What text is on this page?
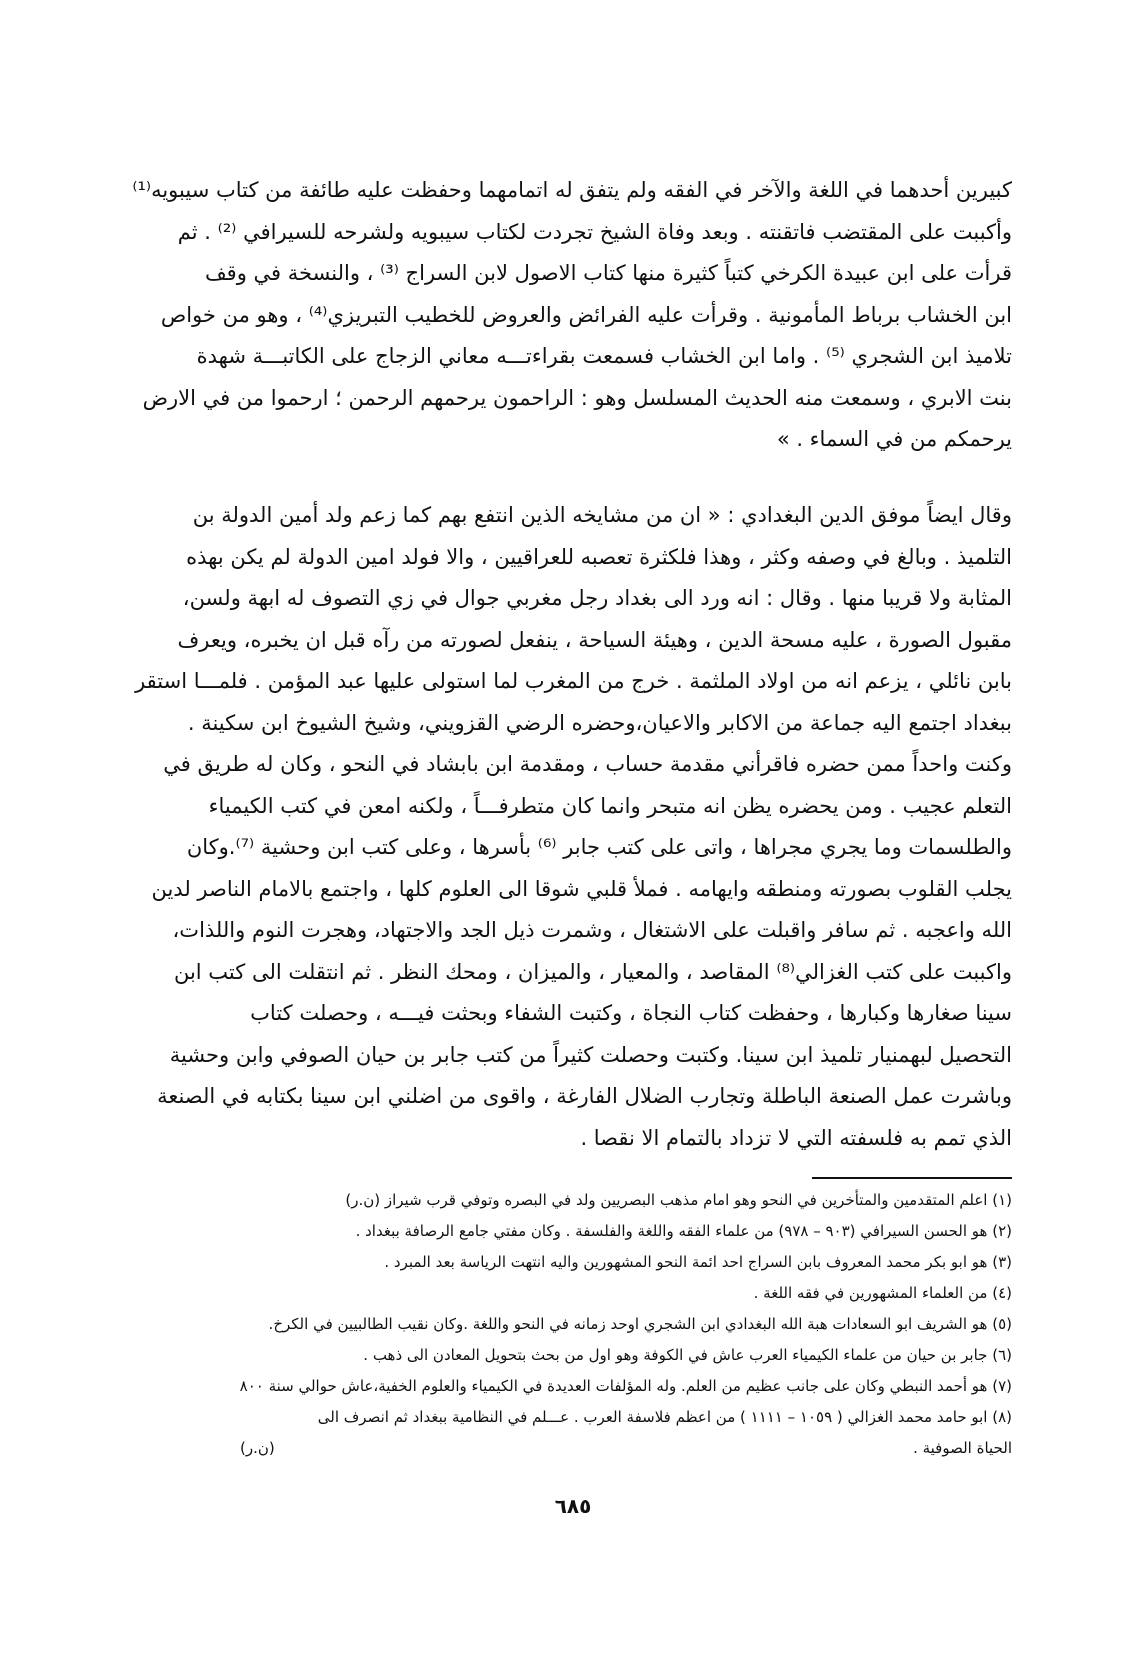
كبيرين أحدهما في اللغة والآخر في الفقه ولم يتفق له اتمامهما وحفظت عليه طائفة من كتاب سيبويه⁽¹⁾
وأكببت على المقتضب فاتقنته . وبعد وفاة الشيخ تجردت لكتاب سيبويه ولشرحه للسيرافي ⁽²⁾ . ثم
قرأت على ابن عبيدة الكرخي كتباً كثيرة منها كتاب الاصول لابن السراج ⁽³⁾ ، والنسخة في وقف
ابن الخشاب برباط المأمونية . وقرأت عليه الفرائض والعروض للخطيب التبريزي⁽⁴⁾ ، وهو من خواص
تلاميذ ابن الشجري ⁽⁵⁾ . واما ابن الخشاب فسمعت بقراءتـــه معاني الزجاج على الكاتبـــة شهدة
بنت الابري ، وسمعت منه الحديث المسلسل وهو : الراحمون يرحمهم الرحمن ؛ ارحموا من في الارض
يرحمكم من في السماء . »
وقال ايضاً موفق الدين البغدادي : « ان من مشايخه الذين انتفع بهم كما زعم ولد أمين الدولة بن
التلميذ . وبالغ في وصفه وكثر ، وهذا فلكثرة تعصبه للعراقيين ، والا فولد امين الدولة لم يكن بهذه
المثابة ولا قريبا منها . وقال : انه ورد الى بغداد رجل مغربي جوال في زي التصوف له ابهة ولسن،
مقبول الصورة ، عليه مسحة الدين ، وهيئة السياحة ، ينفعل لصورته من رآه قبل ان يخبره، ويعرف
بابن نائلي ، يزعم انه من اولاد الملثمة . خرج من المغرب لما استولى عليها عبد المؤمن . فلمـــا استقر
ببغداد اجتمع اليه جماعة من الاكابر والاعيان،وحضره الرضي القزويني، وشيخ الشيوخ ابن سكينة .
وكنت واحداً ممن حضره فاقرأني مقدمة حساب ، ومقدمة ابن بابشاد في النحو ، وكان له طريق في
التعلم عجيب . ومن يحضره يظن انه متبحر وانما كان متطرفـــاً ، ولكنه امعن في كتب الكيمياء
والطلسمات وما يجري مجراها ، واتى على كتب جابر ⁽⁶⁾ بأسرها ، وعلى كتب ابن وحشية ⁽⁷⁾.وكان
يجلب القلوب بصورته ومنطقه وايهامه . فملأ قلبي شوقا الى العلوم كلها ، واجتمع بالامام الناصر لدين
الله واعجبه . ثم سافر واقبلت على الاشتغال ، وشمرت ذيل الجد والاجتهاد، وهجرت النوم واللذات،
واكببت على كتب الغزالي⁽⁸⁾ المقاصد ، والمعيار ، والميزان ، ومحك النظر . ثم انتقلت الى كتب ابن
سينا صغارها وكبارها ، وحفظت كتاب النجاة ، وكتبت الشفاء وبحثت فيـــه ، وحصلت كتاب
التحصيل لبهمنيار تلميذ ابن سينا. وكتبت وحصلت كثيراً من كتب جابر بن حيان الصوفي وابن وحشية
وباشرت عمل الصنعة الباطلة وتجارب الضلال الفارغة ، واقوى من اضلني ابن سينا بكتابه في الصنعة
الذي تمم به فلسفته التي لا تزداد بالتمام الا نقصا .
(١) اعلم المتقدمين والمتأخرين في النحو وهو امام مذهب البصريين ولد في البصره وتوفي قرب شيراز (ن.ر)
(٢) هو الحسن السيرافي (٩٠٣ – ٩٧٨) من علماء الفقه واللغة والفلسفة . وكان مفتي جامع الرصافة ببغداد .
(٣) هو ابو بكر محمد المعروف بابن السراج احد ائمة النحو المشهورين واليه انتهت الرياسة بعد المبرد .
(٤) من العلماء المشهورين في فقه اللغة .
(٥) هو الشريف ابو السعادات هبة الله البغدادي ابن الشجري اوحد زمانه في النحو واللغة .وكان نقيب الطالبيين في الكرخ.
(٦) جابر بن حيان من علماء الكيمياء العرب عاش في الكوفة وهو اول من بحث بتحويل المعادن الى ذهب .
(٧) هو أحمد النبطي وكان على جانب عظيم من العلم. وله المؤلفات العديدة في الكيمياء والعلوم الخفية،عاش حوالي سنة ٨٠٠
(٨) ابو حامد محمد الغزالي ( ١٠٥٩ – ١١١١ ) من اعظم فلاسفة العرب . عـــلم في النظامية ببغداد ثم انصرف الى
الحياة الصوفية .
(ن.ر)
٦٨٥
